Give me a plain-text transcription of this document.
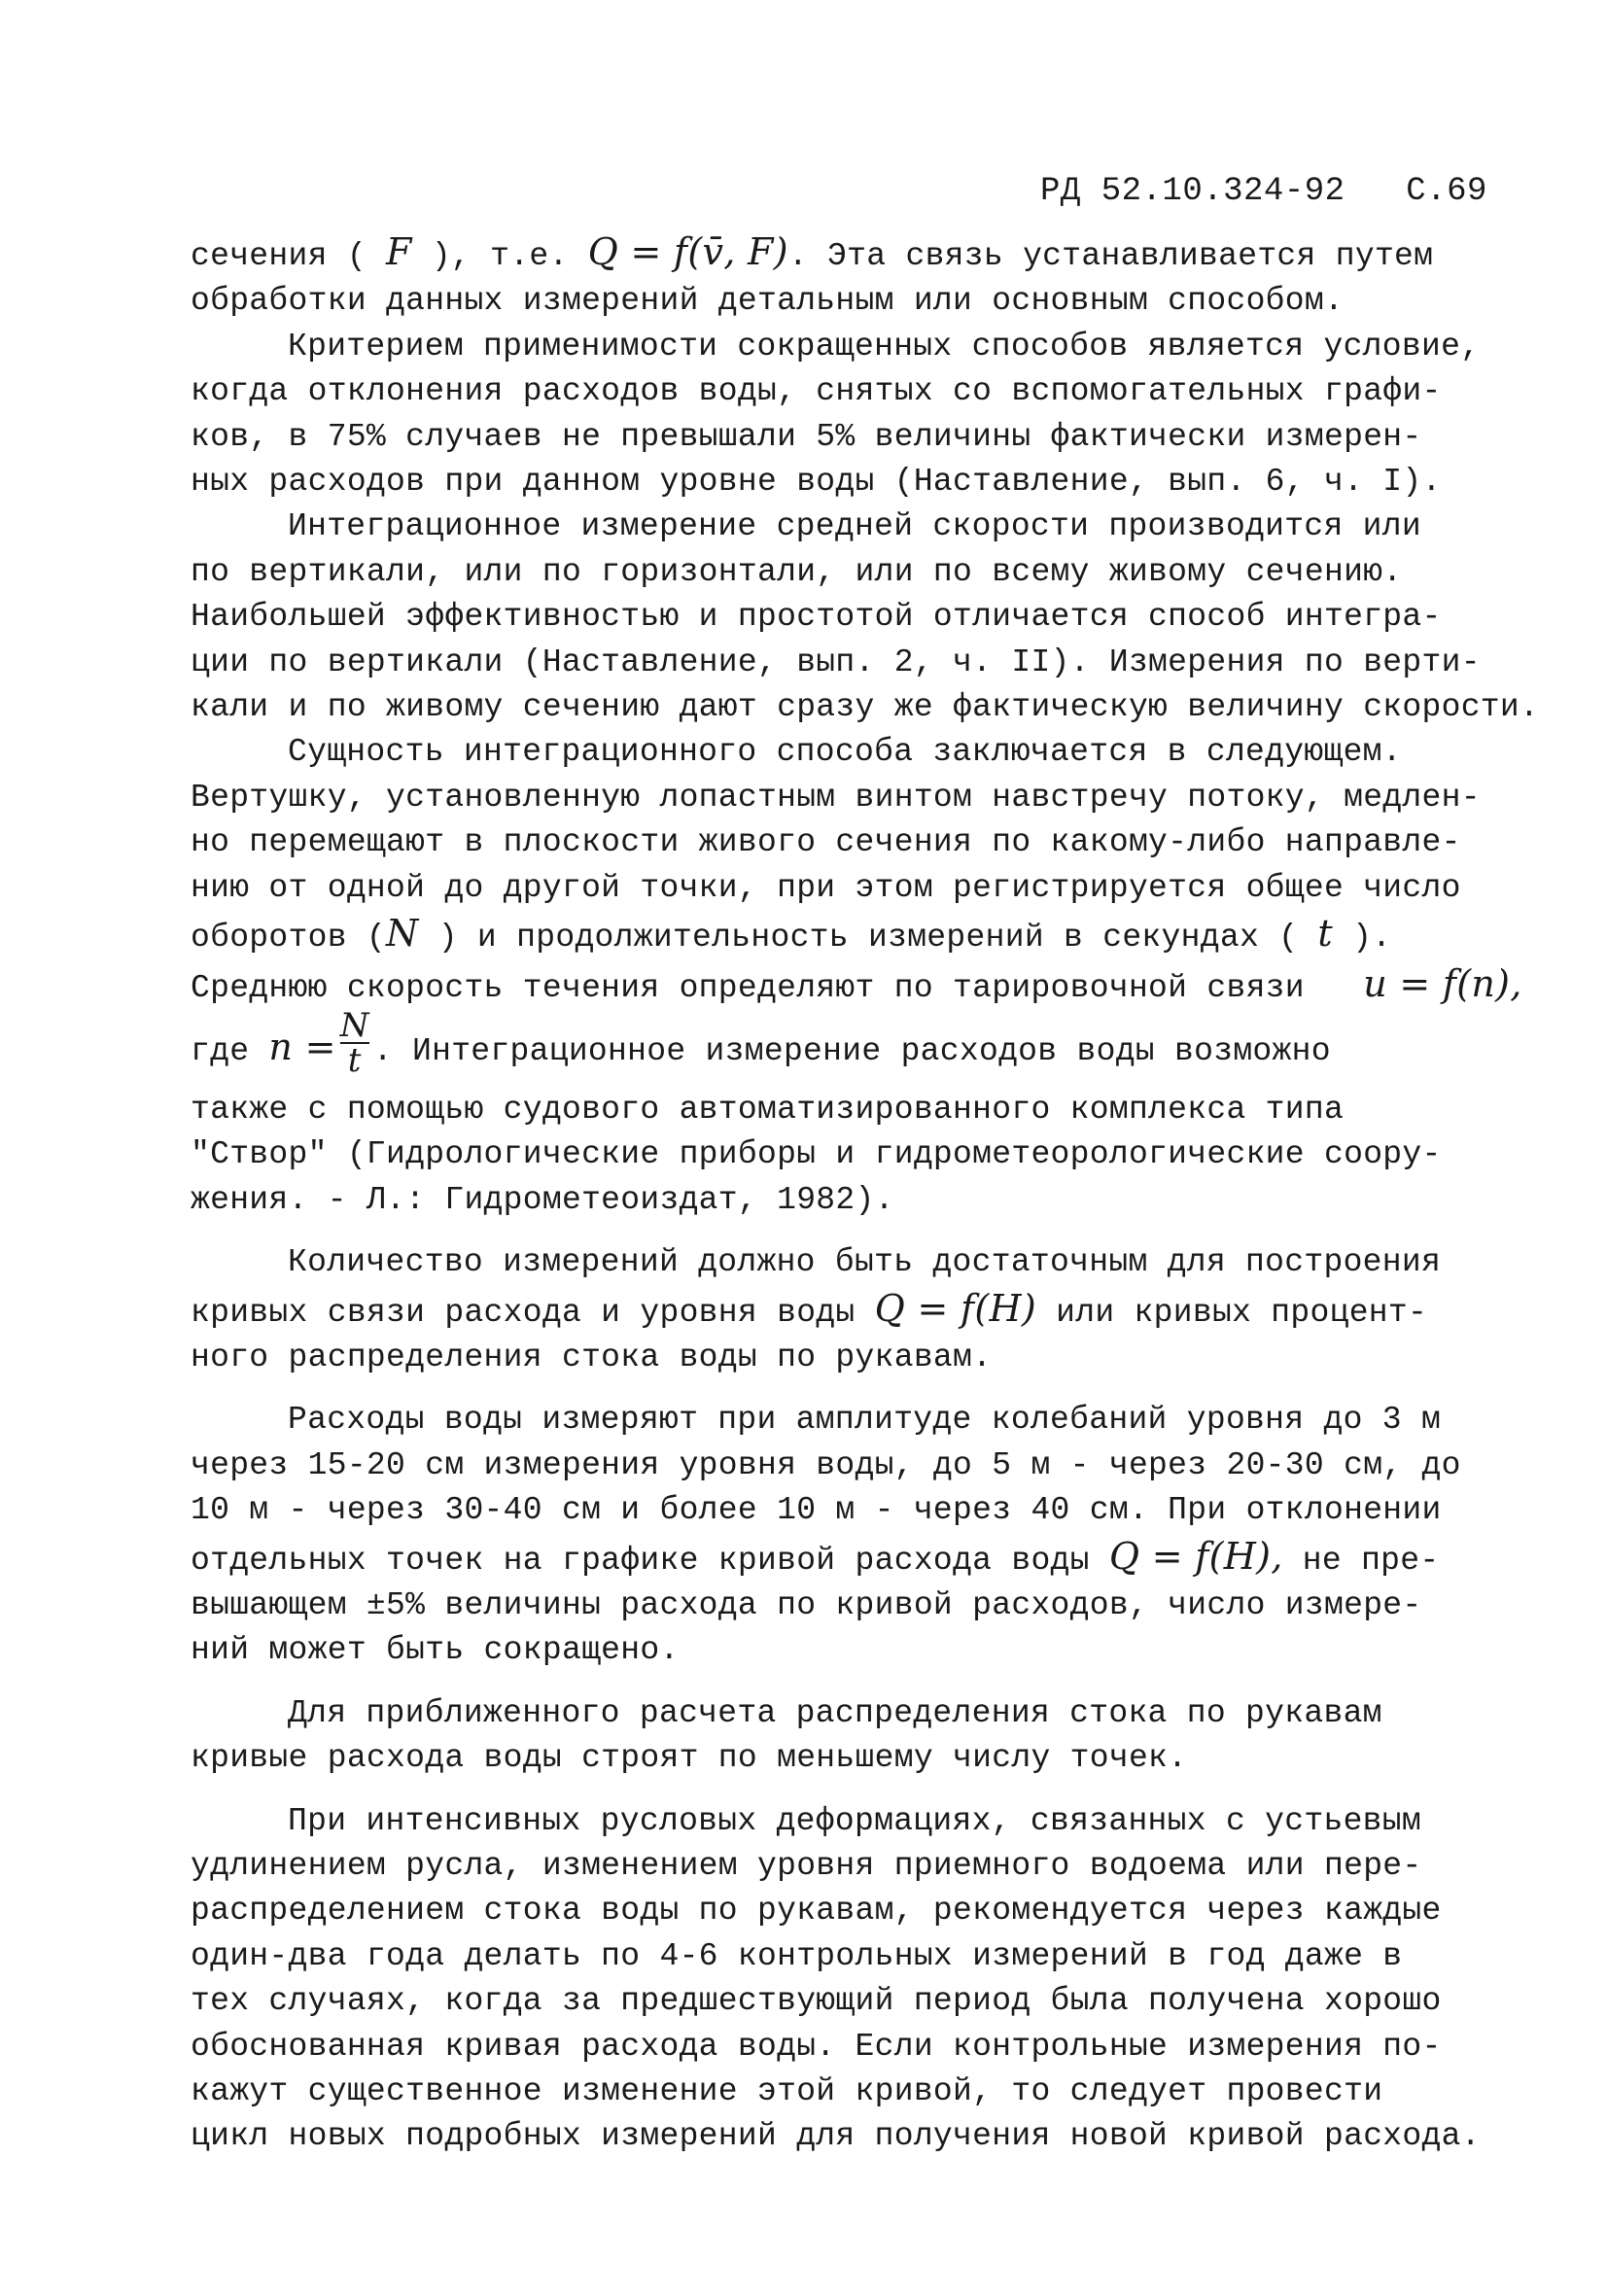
РД 52.10.324-92 С.69
сечения ( F ), т.е. Q = f(v̄, F). Эта связь устанавливается путем
обработки данных измерений детальным или основным способом.
Критерием применимости сокращенных способов является условие,
когда отклонения расходов воды, снятых со вспомогательных графи-
ков, в 75% случаев не превышали 5% величины фактически измерен-
ных расходов при данном уровне воды (Наставление, вып. 6, ч. I).
Интеграционное измерение средней скорости производится или
по вертикали, или по горизонтали, или по всему живому сечению.
Наибольшей эффективностью и простотой отличается способ интегра-
ции по вертикали (Наставление, вып. 2, ч. II). Измерения по верти-
кали и по живому сечению дают сразу же фактическую величину скорости.
Сущность интеграционного способа заключается в следующем.
Вертушку, установленную лопастным винтом навстречу потоку, медлен-
но перемещают в плоскости живого сечения по какому-либо направле-
нию от одной до другой точки, при этом регистрируется общее число
оборотов (N ) и продолжительность измерений в секундах ( t ).
Среднюю скорость течения определяют по тарировочной связи u = f(n),
где $n = \frac{N}{t}$ . Интеграционное измерение расходов воды возможно
также с помощью судового автоматизированного комплекса типа
"Створ" (Гидрологические приборы и гидрометеорологические соору-
жения. - Л.: Гидрометеоиздат, 1982).
Количество измерений должно быть достаточным для построения
кривых связи расхода и уровня воды Q = f(H) или кривых процент-
ного распределения стока воды по рукавам.
Расходы воды измеряют при амплитуде колебаний уровня до 3 м
через 15-20 см измерения уровня воды, до 5 м - через 20-30 см, до
10 м - через 30-40 см и более 10 м - через 40 см. При отклонении
отдельных точек на графике кривой расхода воды Q = f(H), не пре-
вышающем ±5% величины расхода по кривой расходов, число измере-
ний может быть сокращено.
Для приближенного расчета распределения стока по рукавам
кривые расхода воды строят по меньшему числу точек.
При интенсивных русловых деформациях, связанных с устьевым
удлинением русла, изменением уровня приемного водоема или пере-
распределением стока воды по рукавам, рекомендуется через каждые
один-два года делать по 4-6 контрольных измерений в год даже в
тех случаях, когда за предшествующий период была получена хорошо
обоснованная кривая расхода воды. Если контрольные измерения по-
кажут существенное изменение этой кривой, то следует провести
цикл новых подробных измерений для получения новой кривой расхода.
